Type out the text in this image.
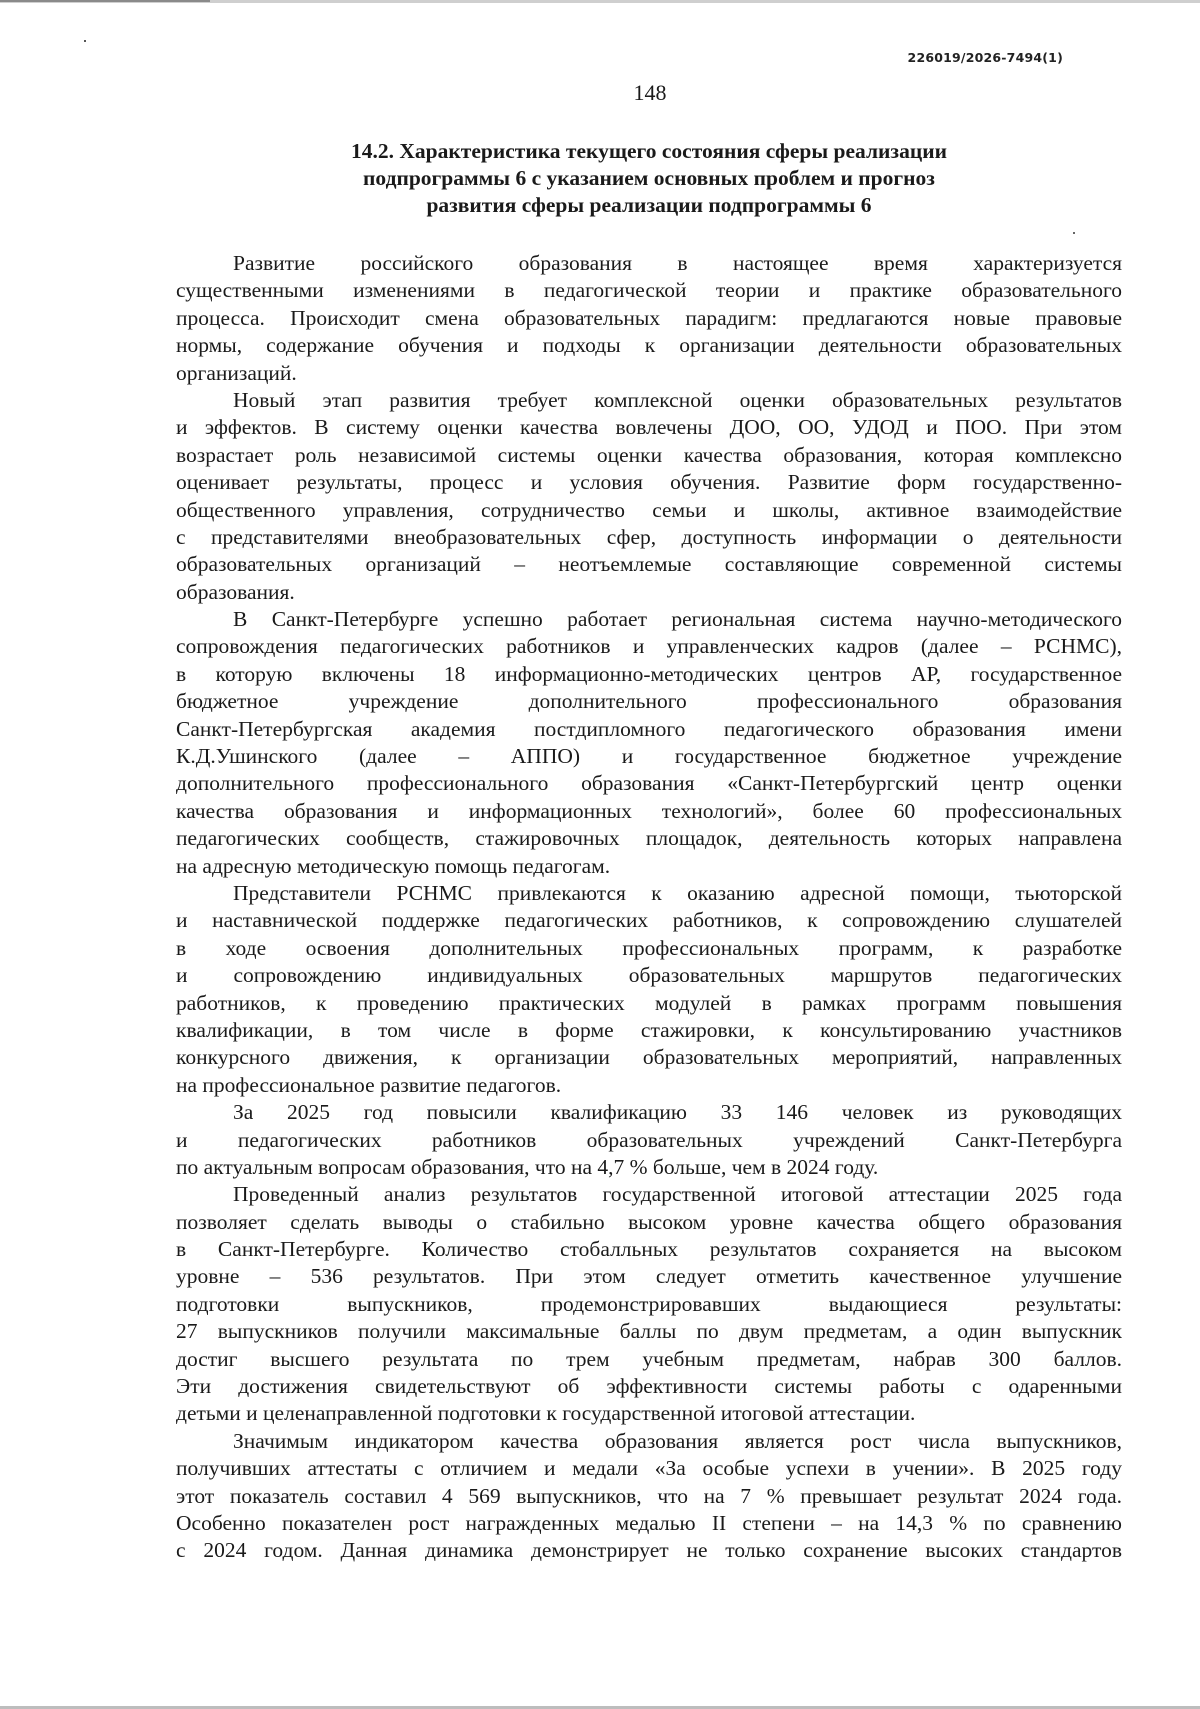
226019/2026-7494(1)
148
14.2. Характеристика текущего состояния сферы реализации
подпрограммы 6 с указанием основных проблем и прогноз
развития сферы реализации подпрограммы 6
Развитие российского образования в настоящее время характеризуется
существенными изменениями в педагогической теории и практике образовательного
процесса. Происходит смена образовательных парадигм: предлагаются новые правовые
нормы, содержание обучения и подходы к организации деятельности образовательных
организаций.
Новый этап развития требует комплексной оценки образовательных результатов
и эффектов. В систему оценки качества вовлечены ДОО, ОО, УДОД и ПОО. При этом
возрастает роль независимой системы оценки качества образования, которая комплексно
оценивает результаты, процесс и условия обучения. Развитие форм государственно-
общественного управления, сотрудничество семьи и школы, активное взаимодействие
с представителями внеобразовательных сфер, доступность информации о деятельности
образовательных организаций – неотъемлемые составляющие современной системы
образования.
В Санкт-Петербурге успешно работает региональная система научно-методического
сопровождения педагогических работников и управленческих кадров (далее – РСНМС),
в которую включены 18 информационно-методических центров АР, государственное
бюджетное учреждение дополнительного профессионального образования
Санкт-Петербургская академия постдипломного педагогического образования имени
К.Д.Ушинского (далее – АППО) и государственное бюджетное учреждение
дополнительного профессионального образования «Санкт-Петербургский центр оценки
качества образования и информационных технологий», более 60 профессиональных
педагогических сообществ, стажировочных площадок, деятельность которых направлена
на адресную методическую помощь педагогам.
Представители РСНМС привлекаются к оказанию адресной помощи, тьюторской
и наставнической поддержке педагогических работников, к сопровождению слушателей
в ходе освоения дополнительных профессиональных программ, к разработке
и сопровождению индивидуальных образовательных маршрутов педагогических
работников, к проведению практических модулей в рамках программ повышения
квалификации, в том числе в форме стажировки, к консультированию участников
конкурсного движения, к организации образовательных мероприятий, направленных
на профессиональное развитие педагогов.
За 2025 год повысили квалификацию 33 146 человек из руководящих
и педагогических работников образовательных учреждений Санкт-Петербурга
по актуальным вопросам образования, что на 4,7 % больше, чем в 2024 году.
Проведенный анализ результатов государственной итоговой аттестации 2025 года
позволяет сделать выводы о стабильно высоком уровне качества общего образования
в Санкт-Петербурге. Количество стобалльных результатов сохраняется на высоком
уровне – 536 результатов. При этом следует отметить качественное улучшение
подготовки выпускников, продемонстрировавших выдающиеся результаты:
27 выпускников получили максимальные баллы по двум предметам, а один выпускник
достиг высшего результата по трем учебным предметам, набрав 300 баллов.
Эти достижения свидетельствуют об эффективности системы работы с одаренными
детьми и целенаправленной подготовки к государственной итоговой аттестации.
Значимым индикатором качества образования является рост числа выпускников,
получивших аттестаты с отличием и медали «За особые успехи в учении». В 2025 году
этот показатель составил 4 569 выпускников, что на 7 % превышает результат 2024 года.
Особенно показателен рост награжденных медалью II степени – на 14,3 % по сравнению
с 2024 годом. Данная динамика демонстрирует не только сохранение высоких стандартов
